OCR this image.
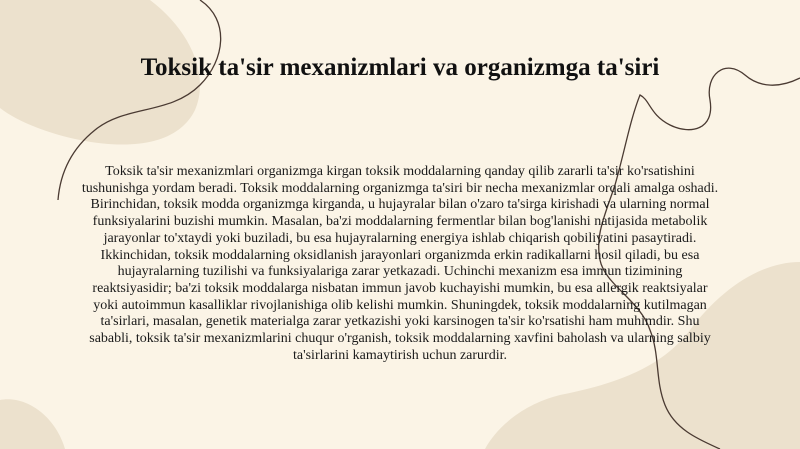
Toksik ta'sir mexanizmlari va organizmga ta'siri

Toksik ta'sir mexanizmlari organizmga kirgan toksik moddalarning qanday qilib zararli ta'sir ko'rsatishini tushunishga yordam beradi. Toksik moddalarning organizmga ta'siri bir necha mexanizmlar orqali amalga oshadi. Birinchidan, toksik modda organizmga kirganda, u hujayralar bilan o'zaro ta'sirga kirishadi va ularning normal funksiyalarini buzishi mumkin. Masalan, ba'zi moddalarning fermentlar bilan bog'lanishi natijasida metabolik jarayonlar to'xtaydi yoki buziladi, bu esa hujayralarning energiya ishlab chiqarish qobiliyatini pasaytiradi. Ikkinchidan, toksik moddalarning oksidlanish jarayonlari organizmda erkin radikallarni hosil qiladi, bu esa hujayralarning tuzilishi va funksiyalariga zarar yetkazadi. Uchinchi mexanizm esa immun tizimining reaktsiyasidir; ba'zi toksik moddalarga nisbatan immun javob kuchayishi mumkin, bu esa allergik reaktsiyalar yoki autoimmun kasalliklar rivojlanishiga olib kelishi mumkin. Shuningdek, toksik moddalarning kutilmagan ta'sirlari, masalan, genetik materialga zarar yetkazishi yoki karsinogen ta'sir ko'rsatishi ham muhimdir. Shu sababli, toksik ta'sir mexanizmlarini chuqur o'rganish, toksik moddalarning xavfini baholash va ularning salbiy ta'sirlarini kamaytirish uchun zarurdir.
